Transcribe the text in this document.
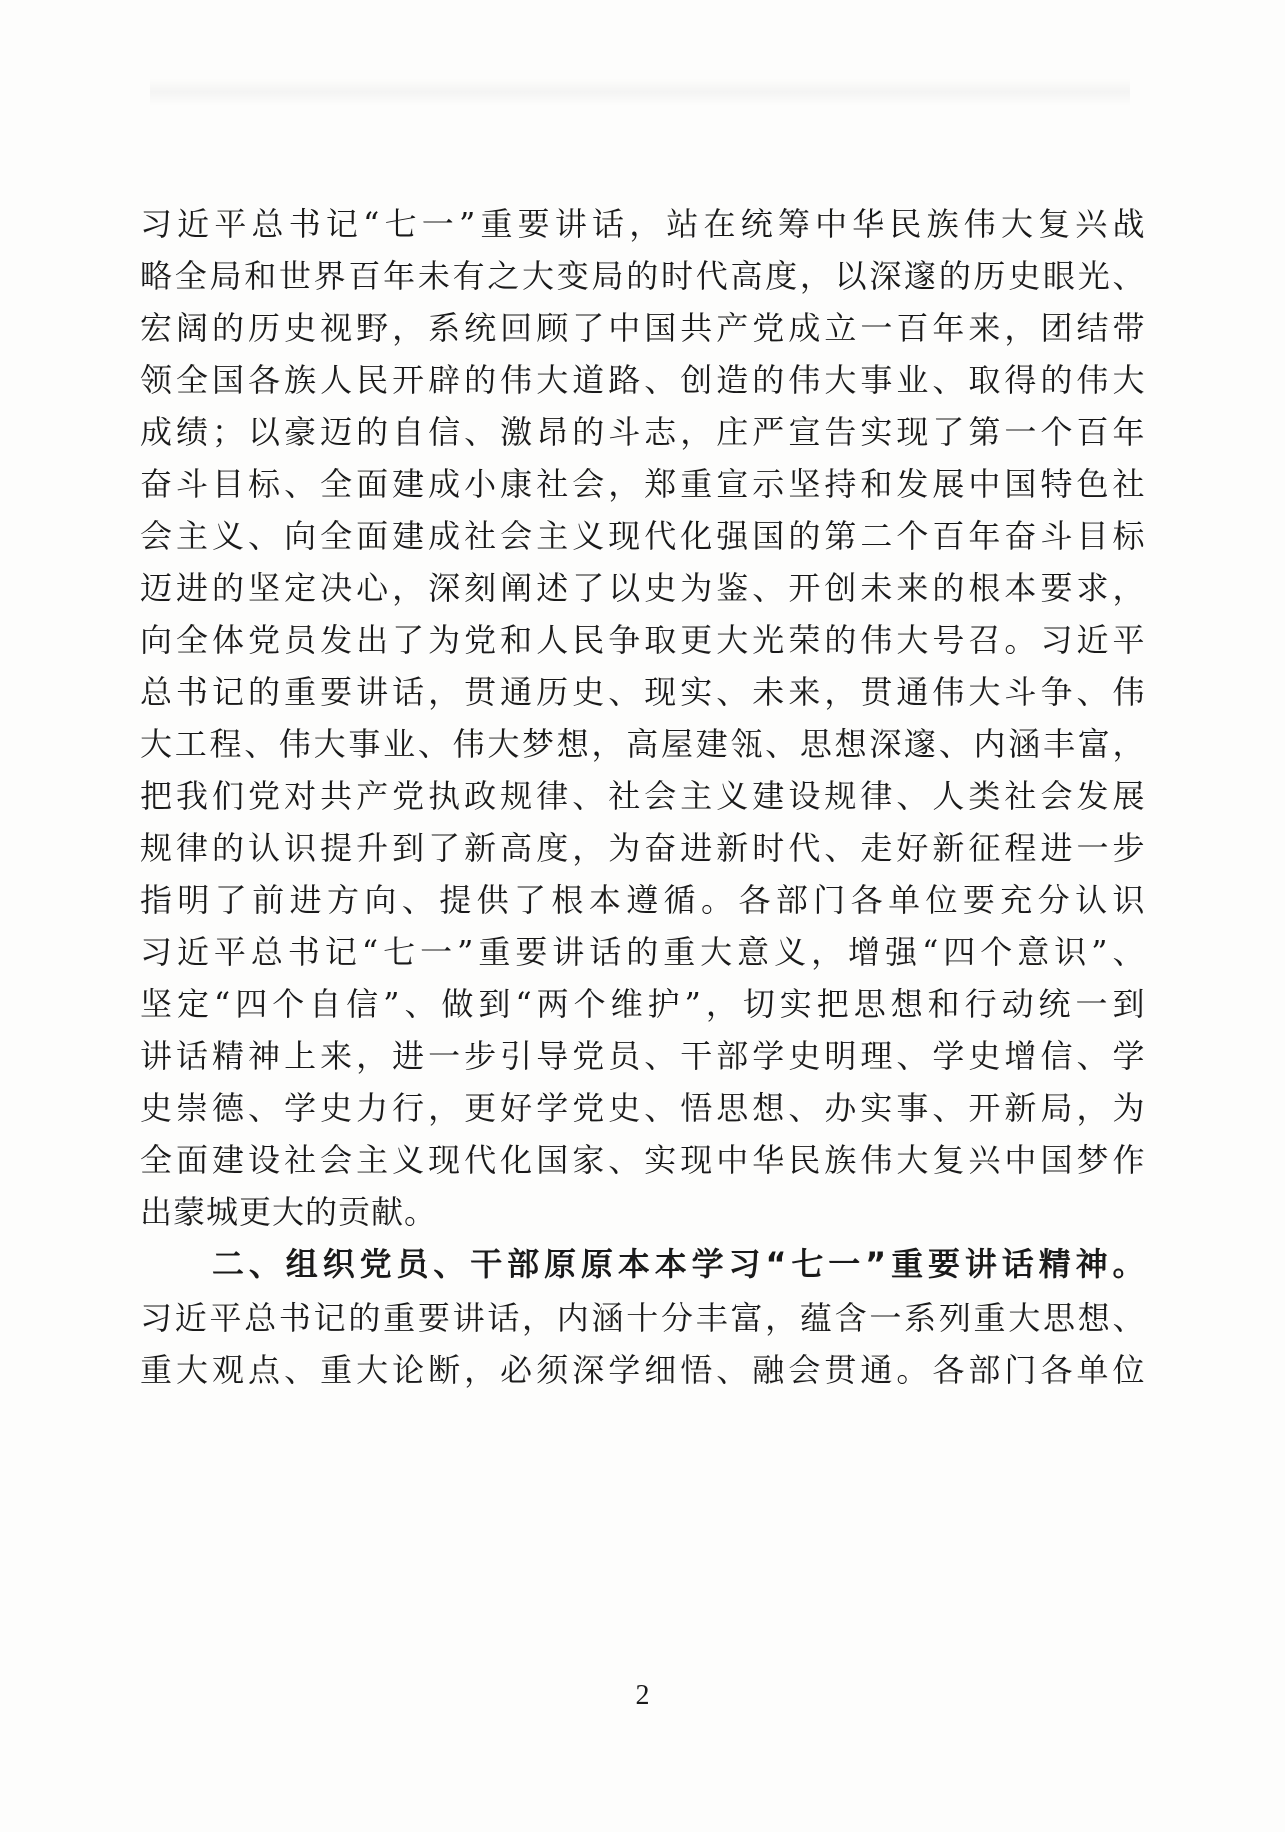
习近平总书记“七一”重要讲话，站在统筹中华民族伟大复兴战
略全局和世界百年未有之大变局的时代高度，以深邃的历史眼光、
宏阔的历史视野，系统回顾了中国共产党成立一百年来，团结带
领全国各族人民开辟的伟大道路、创造的伟大事业、取得的伟大
成绩；以豪迈的自信、激昂的斗志，庄严宣告实现了第一个百年
奋斗目标、全面建成小康社会，郑重宣示坚持和发展中国特色社
会主义、向全面建成社会主义现代化强国的第二个百年奋斗目标
迈进的坚定决心，深刻阐述了以史为鉴、开创未来的根本要求，
向全体党员发出了为党和人民争取更大光荣的伟大号召。习近平
总书记的重要讲话，贯通历史、现实、未来，贯通伟大斗争、伟
大工程、伟大事业、伟大梦想，高屋建瓴、思想深邃、内涵丰富，
把我们党对共产党执政规律、社会主义建设规律、人类社会发展
规律的认识提升到了新高度，为奋进新时代、走好新征程进一步
指明了前进方向、提供了根本遵循。各部门各单位要充分认识
习近平总书记“七一”重要讲话的重大意义，增强“四个意识”、
坚定“四个自信”、做到“两个维护”，切实把思想和行动统一到
讲话精神上来，进一步引导党员、干部学史明理、学史增信、学
史崇德、学史力行，更好学党史、悟思想、办实事、开新局，为
全面建设社会主义现代化国家、实现中华民族伟大复兴中国梦作
出蒙城更大的贡献。
二、组织党员、干部原原本本学习“七一”重要讲话精神。
习近平总书记的重要讲话，内涵十分丰富，蕴含一系列重大思想、
重大观点、重大论断，必须深学细悟、融会贯通。各部门各单位
2
